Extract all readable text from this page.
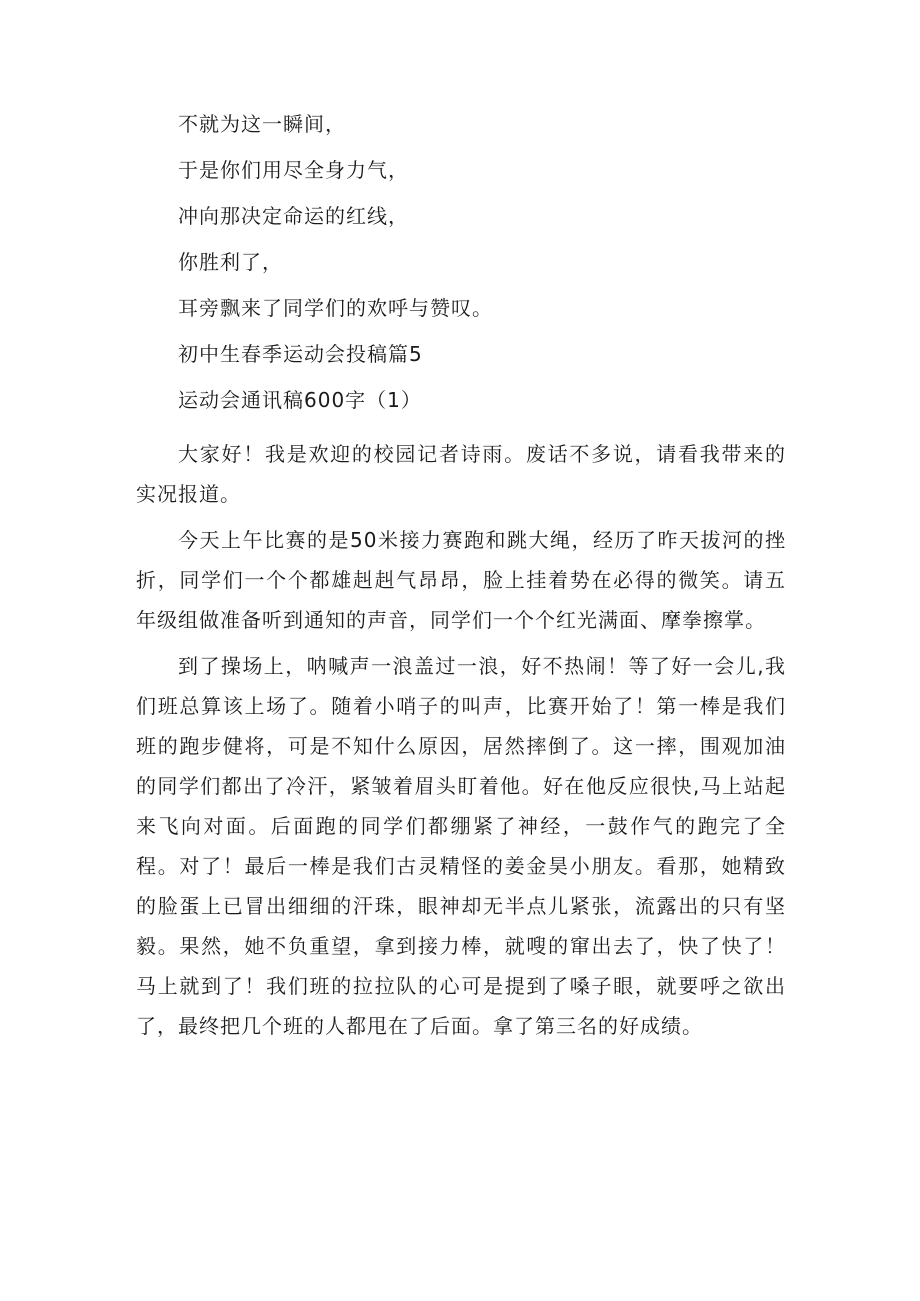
不就为这一瞬间，
于是你们用尽全身力气，
冲向那决定命运的红线，
你胜利了，
耳旁飘来了同学们的欢呼与赞叹。
初中生春季运动会投稿篇5
运动会通讯稿600字（1）
大家好！我是欢迎的校园记者诗雨。废话不多说，请看我带来的实况报道。
今天上午比赛的是50米接力赛跑和跳大绳，经历了昨天拔河的挫折，同学们一个个都雄赳赳气昂昂，脸上挂着势在必得的微笑。请五年级组做准备听到通知的声音，同学们一个个红光满面、摩拳擦掌。
到了操场上，呐喊声一浪盖过一浪，好不热闹！等了好一会儿,我们班总算该上场了。随着小哨子的叫声，比赛开始了！第一棒是我们班的跑步健将，可是不知什么原因，居然摔倒了。这一摔，围观加油的同学们都出了冷汗，紧皱着眉头盯着他。好在他反应很快,马上站起来飞向对面。后面跑的同学们都绷紧了神经，一鼓作气的跑完了全程。对了！最后一棒是我们古灵精怪的姜金昊小朋友。看那，她精致的脸蛋上已冒出细细的汗珠，眼神却无半点儿紧张，流露出的只有坚毅。果然，她不负重望，拿到接力棒，就嗖的窜出去了，快了快了！马上就到了！我们班的拉拉队的心可是提到了嗓子眼，就要呼之欲出了，最终把几个班的人都甩在了后面。拿了第三名的好成绩。
